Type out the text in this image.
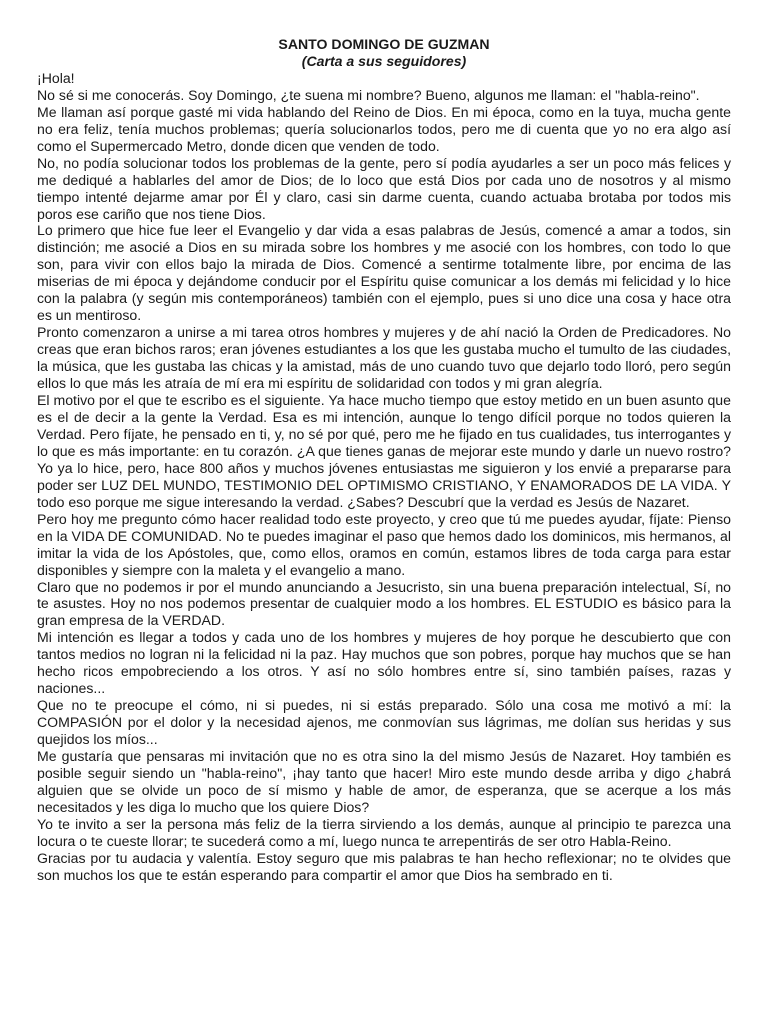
SANTO DOMINGO DE GUZMAN

(Carta a sus seguidores)

¡Hola!

No sé si me conocerás. Soy Domingo, ¿te suena mi nombre? Bueno, algunos me llaman: el "habla-reino".

Me llaman así porque gasté mi vida hablando del Reino de Dios. En mi época, como en la tuya, mucha gente no era feliz, tenía muchos problemas; quería solucionarlos todos, pero me di cuenta que yo no era algo así como el Supermercado Metro, donde dicen que venden de todo.

No, no podía solucionar todos los problemas de la gente, pero sí podía ayudarles a ser un poco más felices y me dediqué a hablarles del amor de Dios; de lo loco que está Dios por cada uno de nosotros y al mismo tiempo intenté dejarme amar por Él y claro, casi sin darme cuenta, cuando actuaba brotaba por todos mis poros ese cariño que nos tiene Dios.

Lo primero que hice fue leer el Evangelio y dar vida a esas palabras de Jesús, comencé a amar a todos, sin distinción; me asocié a Dios en su mirada sobre los hombres y me asocié con los hombres, con todo lo que son, para vivir con ellos bajo la mirada de Dios. Comencé a sentirme totalmente libre, por encima de las miserias de mi época y dejándome conducir por el Espíritu quise comunicar a los demás mi felicidad y lo hice con la palabra (y según mis contemporáneos) también con el ejemplo, pues si uno dice una cosa y hace otra es un mentiroso.

Pronto comenzaron a unirse a mi tarea otros hombres y mujeres y de ahí nació la Orden de Predicadores. No creas que eran bichos raros; eran jóvenes estudiantes a los que les gustaba mucho el tumulto de las ciudades, la música, que les gustaba las chicas y la amistad, más de uno cuando tuvo que dejarlo todo lloró, pero según ellos lo que más les atraía de mí era mi espíritu de solidaridad con todos y mi gran alegría.

El motivo por el que te escribo es el siguiente. Ya hace mucho tiempo que estoy metido en un buen asunto que es el de decir a la gente la Verdad. Esa es mi intención, aunque lo tengo difícil porque no todos quieren la Verdad. Pero fíjate, he pensado en ti, y, no sé por qué, pero me he fijado en tus cualidades, tus interrogantes y lo que es más importante: en tu corazón. ¿A que tienes ganas de mejorar este mundo y darle un nuevo rostro? Yo ya lo hice, pero, hace 800 años y muchos jóvenes entusiastas me siguieron y los envié a prepararse para poder ser LUZ DEL MUNDO, TESTIMONIO DEL OPTIMISMO CRISTIANO, Y ENAMORADOS DE LA VIDA. Y todo eso porque me sigue interesando la verdad. ¿Sabes? Descubrí que la verdad es Jesús de Nazaret.

Pero hoy me pregunto cómo hacer realidad todo este proyecto, y creo que tú me puedes ayudar, fíjate: Pienso en la VIDA DE COMUNIDAD. No te puedes imaginar el paso que hemos dado los dominicos, mis hermanos, al imitar la vida de los Apóstoles, que, como ellos, oramos en común, estamos libres de toda carga para estar disponibles y siempre con la maleta y el evangelio a mano.

Claro que no podemos ir por el mundo anunciando a Jesucristo, sin una buena preparación intelectual, Sí, no te asustes. Hoy no nos podemos presentar de cualquier modo a los hombres. EL ESTUDIO es básico para la gran empresa de la VERDAD.

Mi intención es llegar a todos y cada uno de los hombres y mujeres de hoy porque he descubierto que con tantos medios no logran ni la felicidad ni la paz. Hay muchos que son pobres, porque hay muchos que se han hecho ricos empobreciendo a los otros. Y así no sólo hombres entre sí, sino también países, razas y naciones...

Que no te preocupe el cómo, ni si puedes, ni si estás preparado. Sólo una cosa me motivó a mí: la COMPASIÓN por el dolor y la necesidad ajenos, me conmovían sus lágrimas, me dolían sus heridas y sus quejidos los míos...

Me gustaría que pensaras mi invitación que no es otra sino la del mismo Jesús de Nazaret. Hoy también es posible seguir siendo un "habla-reino", ¡hay tanto que hacer! Miro este mundo desde arriba y digo ¿habrá alguien que se olvide un poco de sí mismo y hable de amor, de esperanza, que se acerque a los más necesitados y les diga lo mucho que los quiere Dios?

Yo te invito a ser la persona más feliz de la tierra sirviendo a los demás, aunque al principio te parezca una locura o te cueste llorar; te sucederá como a mí, luego nunca te arrepentirás de ser otro Habla-Reino.

Gracias por tu audacia y valentía. Estoy seguro que mis palabras te han hecho reflexionar; no te olvides que son muchos los que te están esperando para compartir el amor que Dios ha sembrado en ti.
